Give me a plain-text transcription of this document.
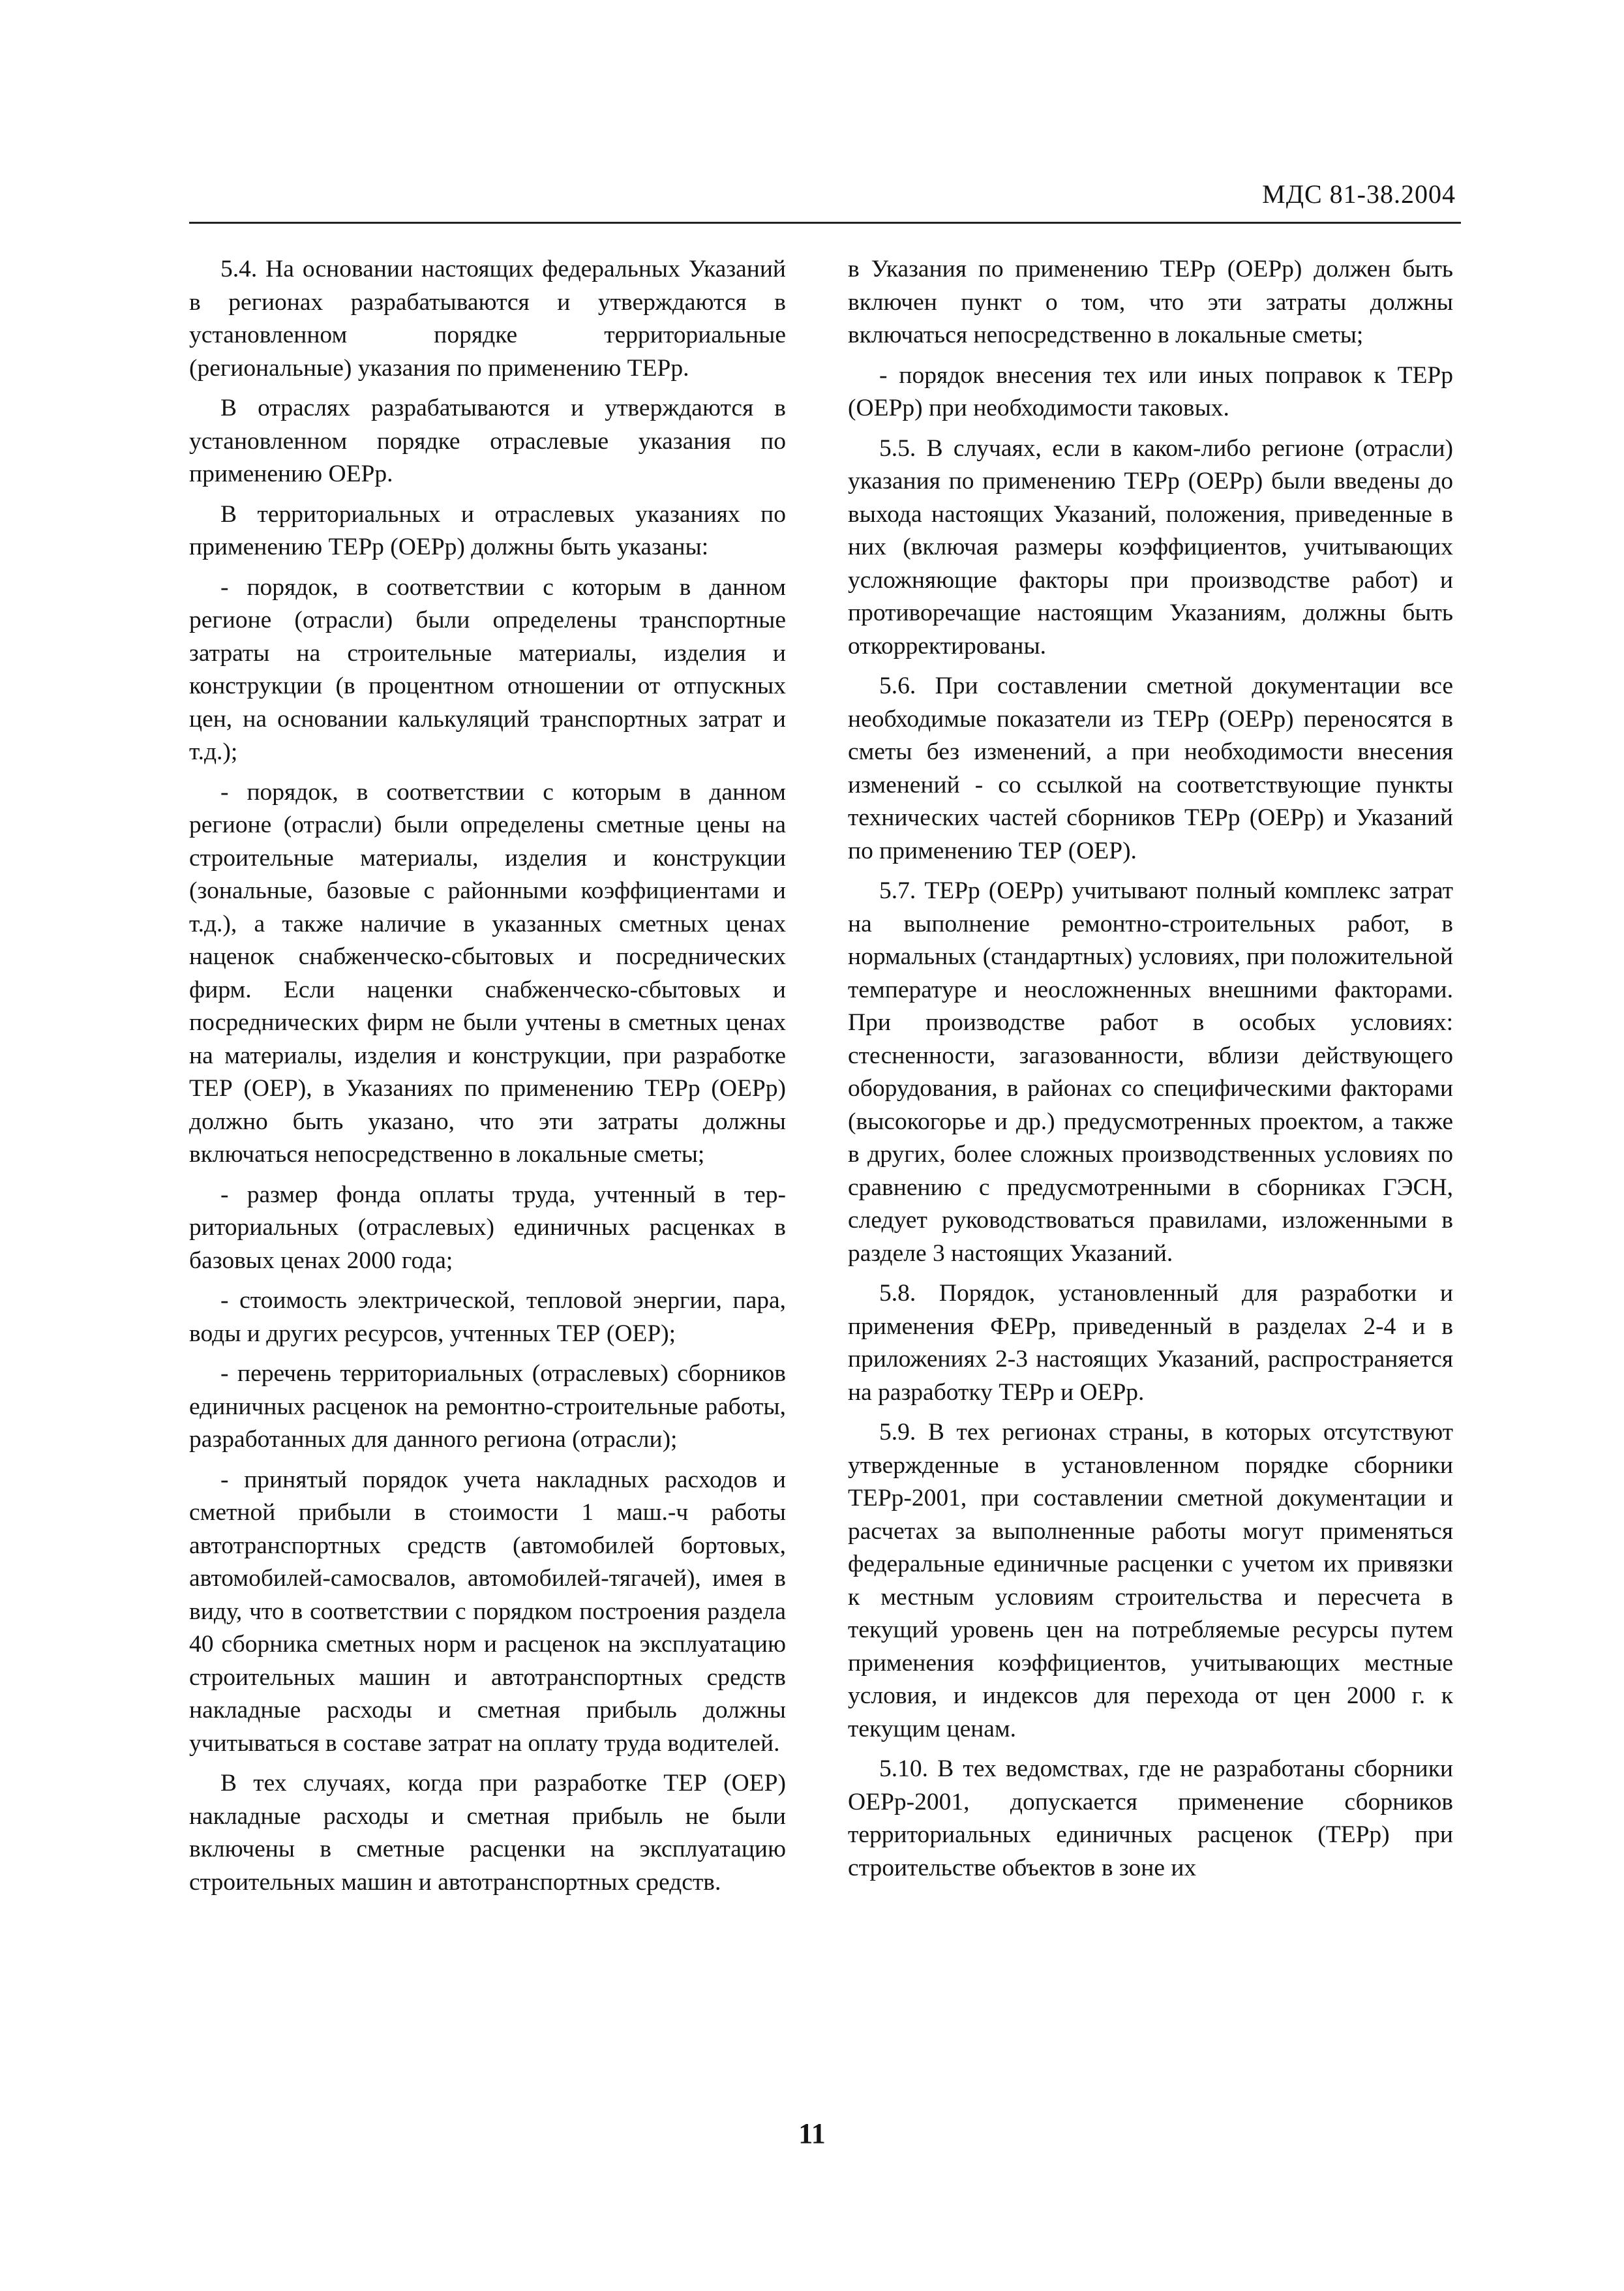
МДС 81-38.2004

5.4. На основании настоящих федеральных Указаний в регионах разрабатываются и утверждаются в установленном порядке территориальные (региональные) указания по применению ТЕРр.

В отраслях разрабатываются и утверждаются в установленном порядке отраслевые указания по применению ОЕРр.

В территориальных и отраслевых указаниях по применению ТЕРр (ОЕРр) должны быть указаны:

- порядок, в соответствии с которым в данном регионе (отрасли) были определены транспортные затраты на строительные материалы, изделия и конструкции (в процентном отношении от отпускных цен, на основании калькуляций транспортных затрат и т.д.);

- порядок, в соответствии с которым в данном регионе (отрасли) были определены сметные цены на строительные материалы, изделия и конструкции (зональные, базовые с районными коэффициентами и т.д.), а также наличие в указанных сметных ценах наценок снабженческо-сбытовых и посреднических фирм. Если наценки снабженческо-сбытовых и посреднических фирм не были учтены в сметных ценах на материалы, изделия и конструкции, при разработке ТЕР (ОЕР), в Указаниях по применению ТЕРр (ОЕРр) должно быть указано, что эти затраты должны включаться непосредственно в локальные сметы;

- размер фонда оплаты труда, учтенный в территориальных (отраслевых) единичных расценках в базовых ценах 2000 года;

- стоимость электрической, тепловой энергии, пара, воды и других ресурсов, учтенных ТЕР (ОЕР);

- перечень территориальных (отраслевых) сборников единичных расценок на ремонтно-строительные работы, разработанных для данного региона (отрасли);

- принятый порядок учета накладных расходов и сметной прибыли в стоимости 1 маш.-ч работы автотранспортных средств (автомобилей бортовых, автомобилей-самосвалов, автомобилей-тягачей), имея в виду, что в соответствии с порядком построения раздела 40 сборника сметных норм и расценок на эксплуатацию строительных машин и автотранспортных средств накладные расходы и сметная прибыль должны учитываться в составе затрат на оплату труда водителей.

В тех случаях, когда при разработке ТЕР (ОЕР) накладные расходы и сметная прибыль не были включены в сметные расценки на эксплуатацию строительных машин и автотранспортных средств.

в Указания по применению ТЕРр (ОЕРр) должен быть включен пункт о том, что эти затраты должны включаться непосредственно в локальные сметы;

- порядок внесения тех или иных поправок к ТЕРр (ОЕРр) при необходимости таковых.

5.5. В случаях, если в каком-либо регионе (отрасли) указания по применению ТЕРр (ОЕРр) были введены до выхода настоящих Указаний, положения, приведенные в них (включая размеры коэффициентов, учитывающих усложняющие факторы при производстве работ) и противоречащие настоящим Указаниям, должны быть откорректированы.

5.6. При составлении сметной документации все необходимые показатели из ТЕРр (ОЕРр) переносятся в сметы без изменений, а при необходимости внесения изменений - со ссылкой на соответствующие пункты технических частей сборников ТЕРр (ОЕРр) и Указаний по применению ТЕР (ОЕР).

5.7. ТЕРр (ОЕРр) учитывают полный комплекс затрат на выполнение ремонтно-строительных работ, в нормальных (стандартных) условиях, при положительной температуре и неосложненных внешними факторами. При производстве работ в особых условиях: стесненности, загазованности, вблизи действующего оборудования, в районах со специфическими факторами (высокогорье и др.) предусмотренных проектом, а также в других, более сложных производственных условиях по сравнению с предусмотренными в сборниках ГЭСН, следует руководствоваться правилами, изложенными в разделе 3 настоящих Указаний.

5.8. Порядок, установленный для разработки и применения ФЕРр, приведенный в разделах 2-4 и в приложениях 2-3 настоящих Указаний, распространяется на разработку ТЕРр и ОЕРр.

5.9. В тех регионах страны, в которых отсутствуют утвержденные в установленном порядке сборники ТЕРр-2001, при составлении сметной документации и расчетах за выполненные работы могут применяться федеральные единичные расценки с учетом их привязки к местным условиям строительства и пересчета в текущий уровень цен на потребляемые ресурсы путем применения коэффициентов, учитывающих местные условия, и индексов для перехода от цен 2000 г. к текущим ценам.

5.10. В тех ведомствах, где не разработаны сборники ОЕРр-2001, допускается применение сборников территориальных единичных расценок (ТЕРр) при строительстве объектов в зоне их

11
